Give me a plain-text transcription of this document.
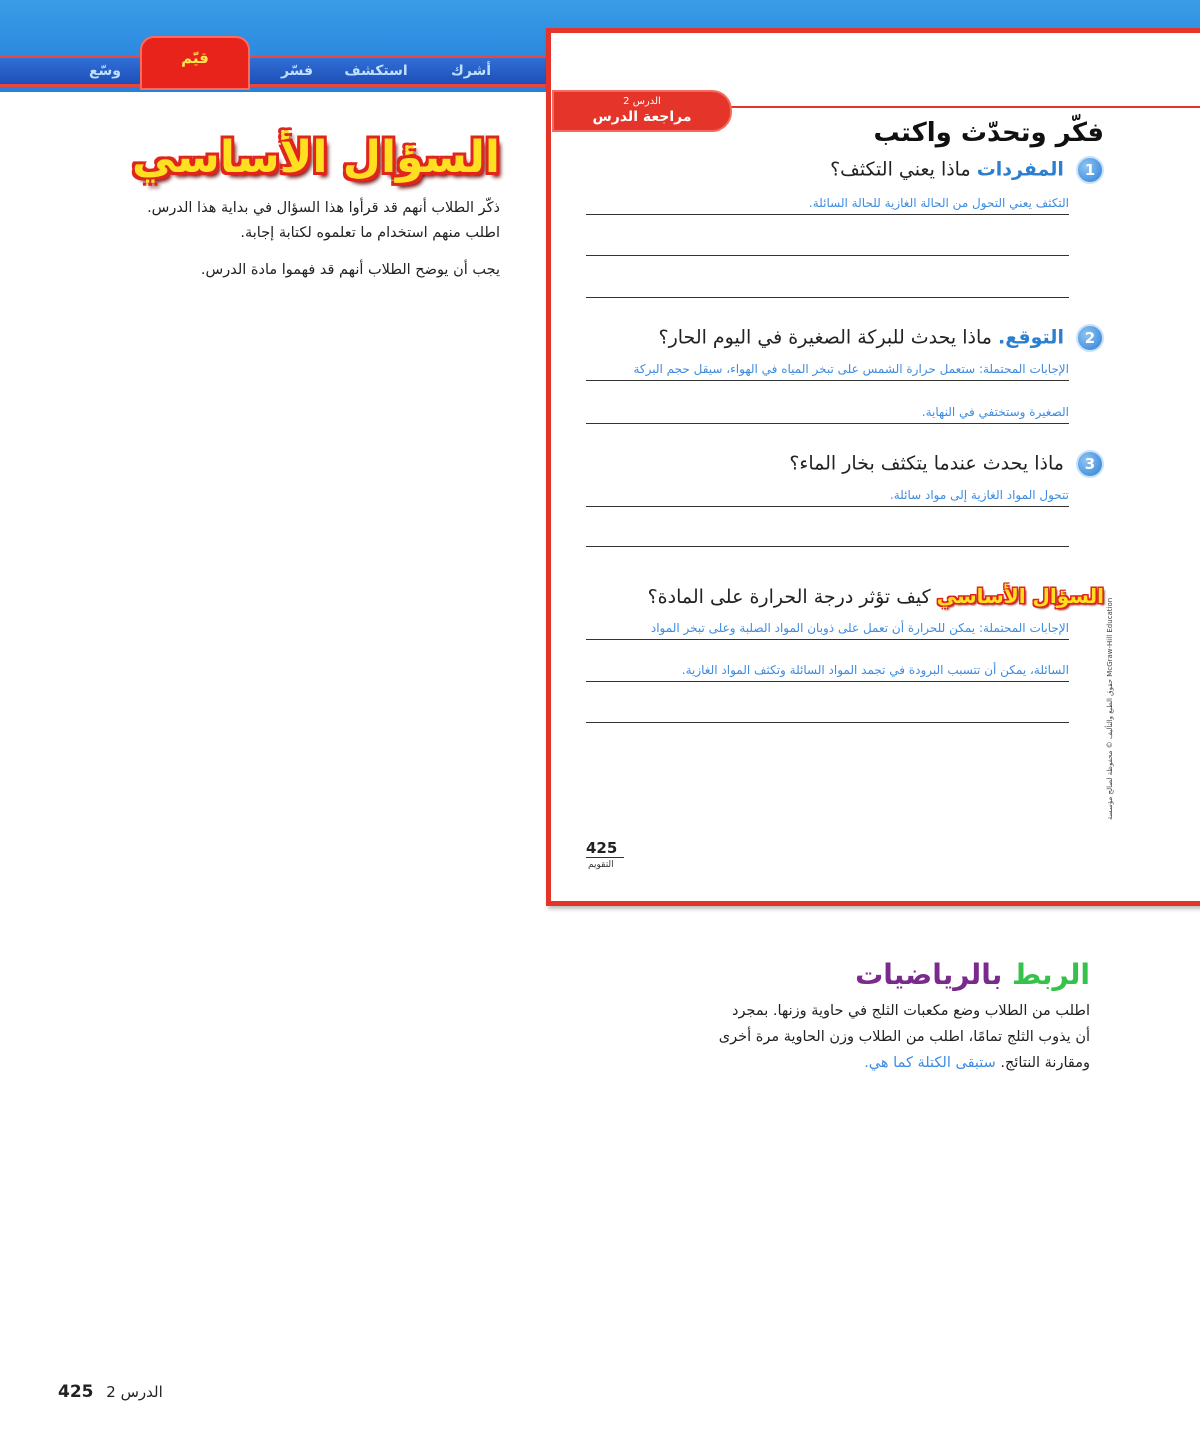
وسّع
قيّم
فسّر	استكشف	أشرك
السؤال الأساسي
ذكّر الطلاب أنهم قد قرأوا هذا السؤال في بداية هذا الدرس.
اطلب منهم استخدام ما تعلموه لكتابة إجابة.
يجب أن يوضح الطلاب أنهم قد فهموا مادة الدرس.
الدرس 2
مراجعة الدرس
فكّر وتحدّث واكتب
1 المفردات ماذا يعني التكثف؟
التكثف يعني التحول من الحالة الغازية للحالة السائلة.
2 التوقع. ماذا يحدث للبركة الصغيرة في اليوم الحار؟
الإجابات المحتملة: ستعمل حرارة الشمس على تبخر المياه في الهواء، سيقل حجم البركة
الصغيرة وستختفي في النهاية.
3 ماذا يحدث عندما يتكثف بخار الماء؟
تتحول المواد الغازية إلى مواد سائلة.
السؤال الأساسي كيف تؤثر درجة الحرارة على المادة؟
الإجابات المحتملة: يمكن للحرارة أن تعمل على ذوبان المواد الصلبة وعلى تبخر المواد
السائلة، يمكن أن تتسبب البرودة في تجمد المواد السائلة وتكثف المواد الغازية.
425
التقويم
McGraw-Hill Education حقوق الطبع والتأليف © محفوظة لصالح مؤسسة
الربط بالرياضيات
اطلب من الطلاب وضع مكعبات الثلج في حاوية وزنها. بمجرد
أن يذوب الثلج تمامًا، اطلب من الطلاب وزن الحاوية مرة أخرى
ومقارنة النتائج. ستبقى الكتلة كما هي.
425 2 الدرس
